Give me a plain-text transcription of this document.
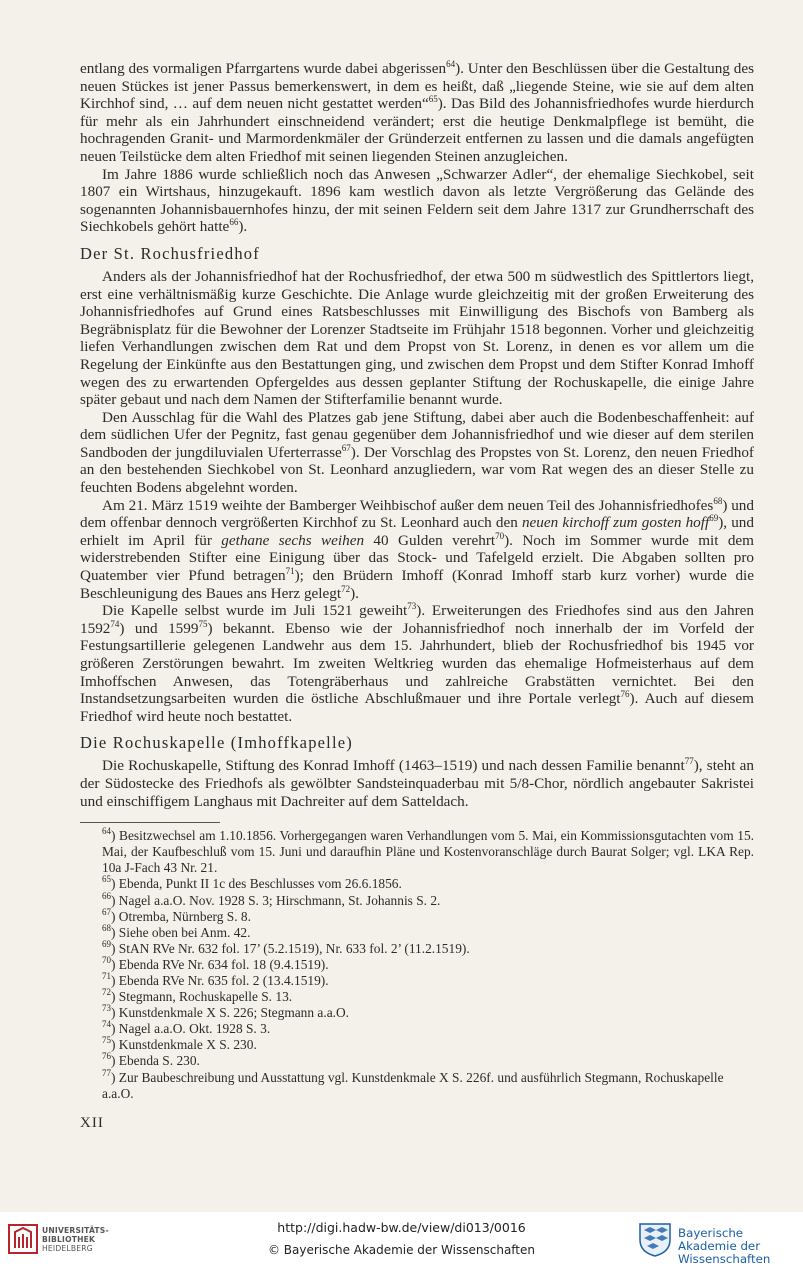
entlang des vormaligen Pfarrgartens wurde dabei abgerissen$^{64}$). Unter den Beschlüssen über die Gestaltung des neuen Stückes ist jener Passus bemerkenswert, in dem es heißt, daß „liegende Steine, wie sie auf dem alten Kirchhof sind, … auf dem neuen nicht gestattet werden“$^{65}$). Das Bild des Johannisfriedhofes wurde hierdurch für mehr als ein Jahrhundert einschneidend verändert; erst die heutige Denkmalpflege ist bemüht, die hochragenden Granit- und Marmordenkmäler der Gründerzeit entfernen zu lassen und die damals angefügten neuen Teilstücke dem alten Friedhof mit seinen liegenden Steinen anzugleichen.

Im Jahre 1886 wurde schließlich noch das Anwesen „Schwarzer Adler“, der ehemalige Siechkobel, seit 1807 ein Wirtshaus, hinzugekauft. 1896 kam westlich davon als letzte Vergrößerung das Gelände des sogenannten Johannisbauernhofes hinzu, der mit seinen Feldern seit dem Jahre 1317 zur Grundherrschaft des Siechkobels gehört hatte$^{66}$).

Der St. Rochusfriedhof

Anders als der Johannisfriedhof hat der Rochusfriedhof, der etwa 500 m südwestlich des Spittlertors liegt, erst eine verhältnismäßig kurze Geschichte. Die Anlage wurde gleichzeitig mit der großen Erweiterung des Johannisfriedhofes auf Grund eines Ratsbeschlusses mit Einwilligung des Bischofs von Bamberg als Begräbnisplatz für die Bewohner der Lorenzer Stadtseite im Frühjahr 1518 begonnen. Vorher und gleichzeitig liefen Verhandlungen zwischen dem Rat und dem Propst von St. Lorenz, in denen es vor allem um die Regelung der Einkünfte aus den Bestattungen ging, und zwischen dem Propst und dem Stifter Konrad Imhoff wegen des zu erwartenden Opfergeldes aus dessen geplanter Stiftung der Rochuskapelle, die einige Jahre später gebaut und nach dem Namen der Stifterfamilie benannt wurde.

Den Ausschlag für die Wahl des Platzes gab jene Stiftung, dabei aber auch die Bodenbeschaffenheit: auf dem südlichen Ufer der Pegnitz, fast genau gegenüber dem Johannisfriedhof und wie dieser auf dem sterilen Sandboden der jungdiluvialen Uferterrasse$^{67}$). Der Vorschlag des Propstes von St. Lorenz, den neuen Friedhof an den bestehenden Siechkobel von St. Leonhard anzugliedern, war vom Rat wegen des an dieser Stelle zu feuchten Bodens abgelehnt worden.

Am 21. März 1519 weihte der Bamberger Weihbischof außer dem neuen Teil des Johannisfriedhofes$^{68}$) und dem offenbar dennoch vergrößerten Kirchhof zu St. Leonhard auch den neuen kirchoff zum gosten hoff$^{69}$), und erhielt im April für gethane sechs weihen 40 Gulden verehrt$^{70}$). Noch im Sommer wurde mit dem widerstrebenden Stifter eine Einigung über das Stock- und Tafelgeld erzielt. Die Abgaben sollten pro Quatember vier Pfund betragen$^{71}$); den Brüdern Imhoff (Konrad Imhoff starb kurz vorher) wurde die Beschleunigung des Baues ans Herz gelegt$^{72}$).

Die Kapelle selbst wurde im Juli 1521 geweiht$^{73}$). Erweiterungen des Friedhofes sind aus den Jahren 1592$^{74}$) und 1599$^{75}$) bekannt. Ebenso wie der Johannisfriedhof noch innerhalb der im Vorfeld der Festungsartillerie gelegenen Landwehr aus dem 15. Jahrhundert, blieb der Rochusfriedhof bis 1945 vor größeren Zerstörungen bewahrt. Im zweiten Weltkrieg wurden das ehemalige Hofmeisterhaus auf dem Imhoffschen Anwesen, das Totengräberhaus und zahlreiche Grabstätten vernichtet. Bei den Instandsetzungsarbeiten wurden die östliche Abschlußmauer und ihre Portale verlegt$^{76}$). Auch auf diesem Friedhof wird heute noch bestattet.

Die Rochuskapelle (Imhoffkapelle)

Die Rochuskapelle, Stiftung des Konrad Imhoff (1463–1519) und nach dessen Familie benannt$^{77}$), steht an der Südostecke des Friedhofs als gewölbter Sandsteinquaderbau mit 5/8-Chor, nördlich angebauter Sakristei und einschiffigem Langhaus mit Dachreiter auf dem Satteldach.

$^{64}$) Besitzwechsel am 1.10.1856. Vorhergegangen waren Verhandlungen vom 5. Mai, ein Kommissionsgutachten vom 15. Mai, der Kaufbeschluß vom 15. Juni und daraufhin Pläne und Kostenvoranschläge durch Baurat Solger; vgl. LKA Rep. 10a J-Fach 43 Nr. 21.
$^{65}$) Ebenda, Punkt II 1c des Beschlusses vom 26.6.1856.
$^{66}$) Nagel a.a.O. Nov. 1928 S. 3; Hirschmann, St. Johannis S. 2.
$^{67}$) Otremba, Nürnberg S. 8.
$^{68}$) Siehe oben bei Anm. 42.
$^{69}$) StAN RVe Nr. 632 fol. 17’ (5.2.1519), Nr. 633 fol. 2’ (11.2.1519).
$^{70}$) Ebenda RVe Nr. 634 fol. 18 (9.4.1519).
$^{71}$) Ebenda RVe Nr. 635 fol. 2 (13.4.1519).
$^{72}$) Stegmann, Rochuskapelle S. 13.
$^{73}$) Kunstdenkmale X S. 226; Stegmann a.a.O.
$^{74}$) Nagel a.a.O. Okt. 1928 S. 3.
$^{75}$) Kunstdenkmale X S. 230.
$^{76}$) Ebenda S. 230.
$^{77}$) Zur Baubeschreibung und Ausstattung vgl. Kunstdenkmale X S. 226f. und ausführlich Stegmann, Rochuskapelle a.a.O.
XII
UNIVERSITÄTS-
BIBLIOTHEK
HEIDELBERG
http://digi.hadw-bw.de/view/di013/0016
© Bayerische Akademie der Wissenschaften
Bayerische
Akademie der Wissenschaften
